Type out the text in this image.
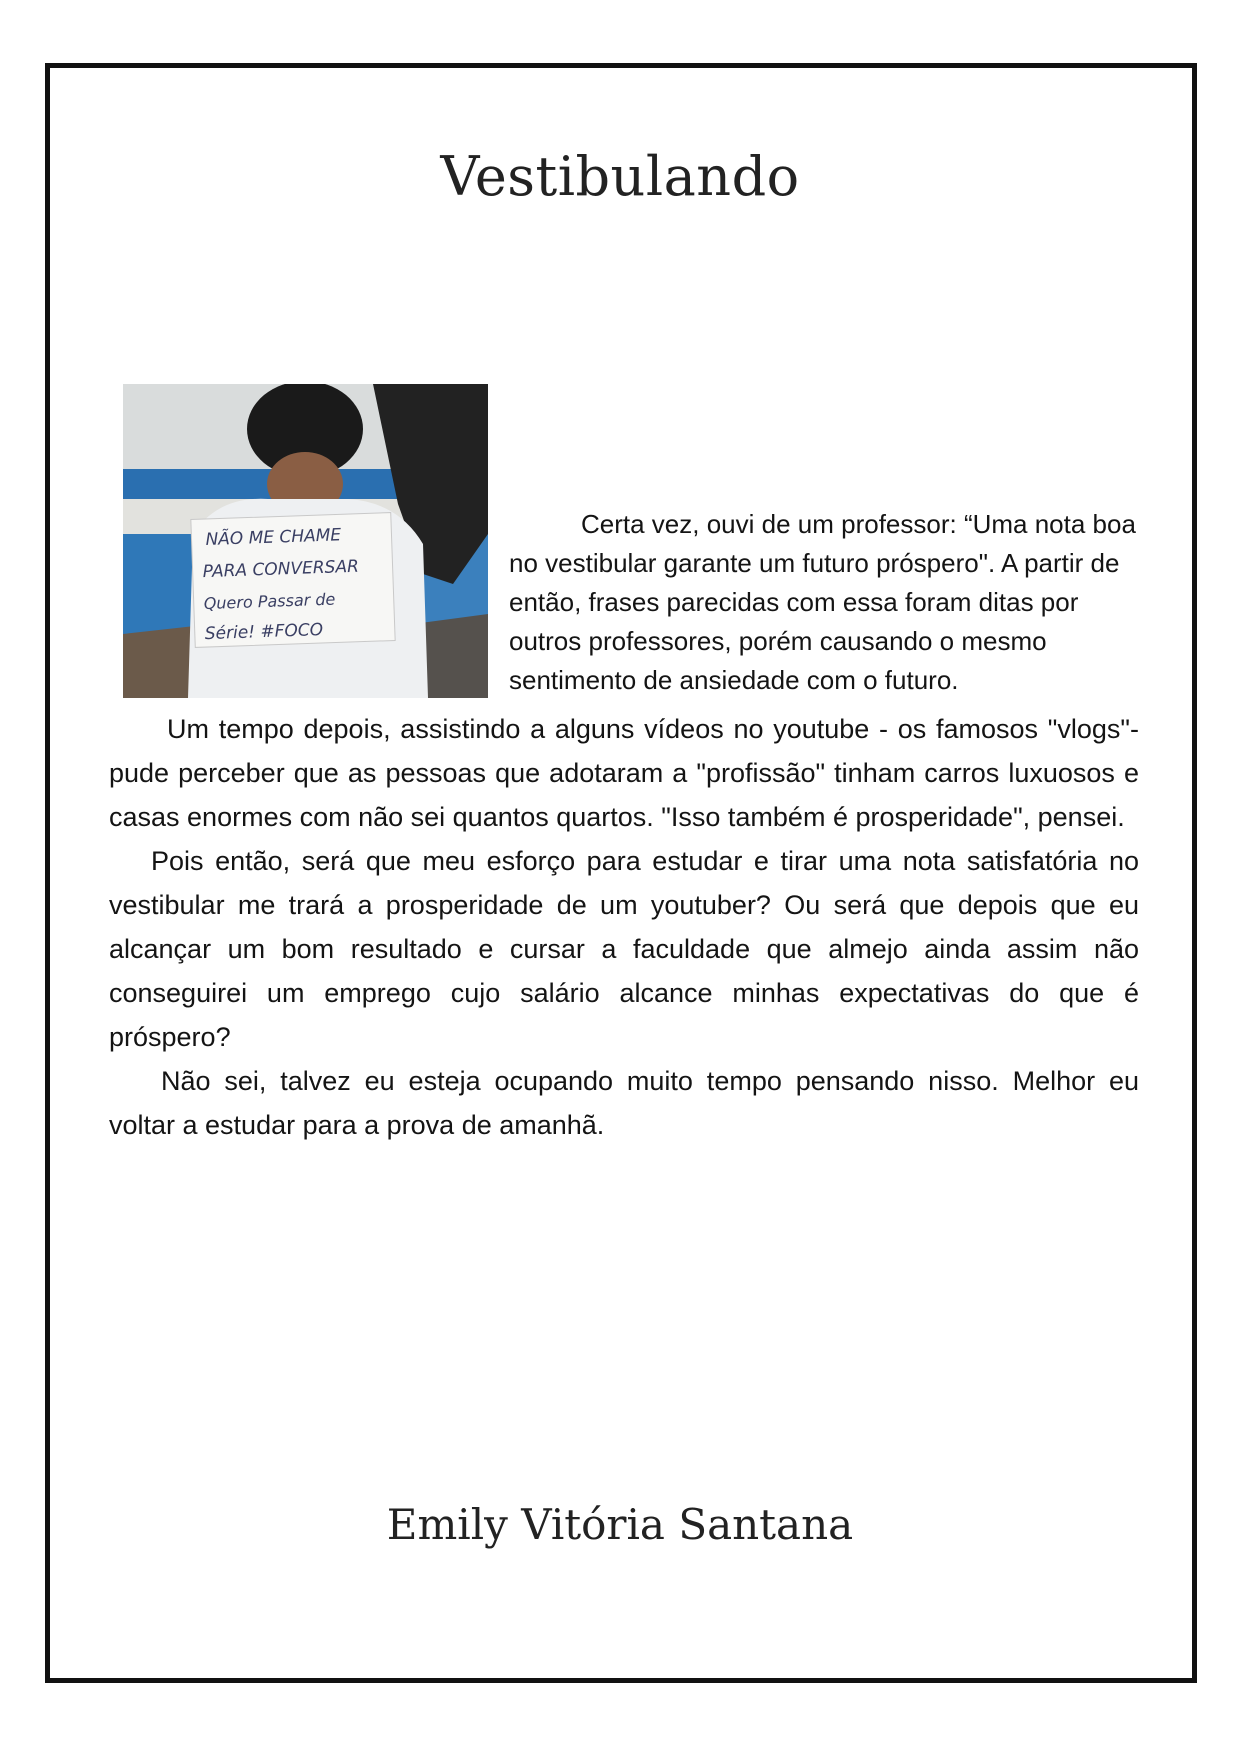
Vestibulando
NÃO ME CHAME
PARA CONVERSAR
Quero Passar de
Série! #FOCO
Certa vez, ouvi de um professor: “Uma nota boa no vestibular garante um futuro próspero". A partir de então, frases parecidas com essa foram ditas por outros professores, porém causando o mesmo sentimento de ansiedade com o futuro.

Um tempo depois, assistindo a alguns vídeos no youtube - os famosos "vlogs"- pude perceber que as pessoas que adotaram a "profissão" tinham carros luxuosos e casas enormes com não sei quantos quartos. "Isso também é prosperidade", pensei.

Pois então, será que meu esforço para estudar e tirar uma nota satisfatória no vestibular me trará a prosperidade de um youtuber? Ou será que depois que eu alcançar um bom resultado e cursar a faculdade que almejo ainda assim não conseguirei um emprego cujo salário alcance minhas expectativas do que é próspero?

Não sei, talvez eu esteja ocupando muito tempo pensando nisso. Melhor eu voltar a estudar para a prova de amanhã.

Emily Vitória Santana
